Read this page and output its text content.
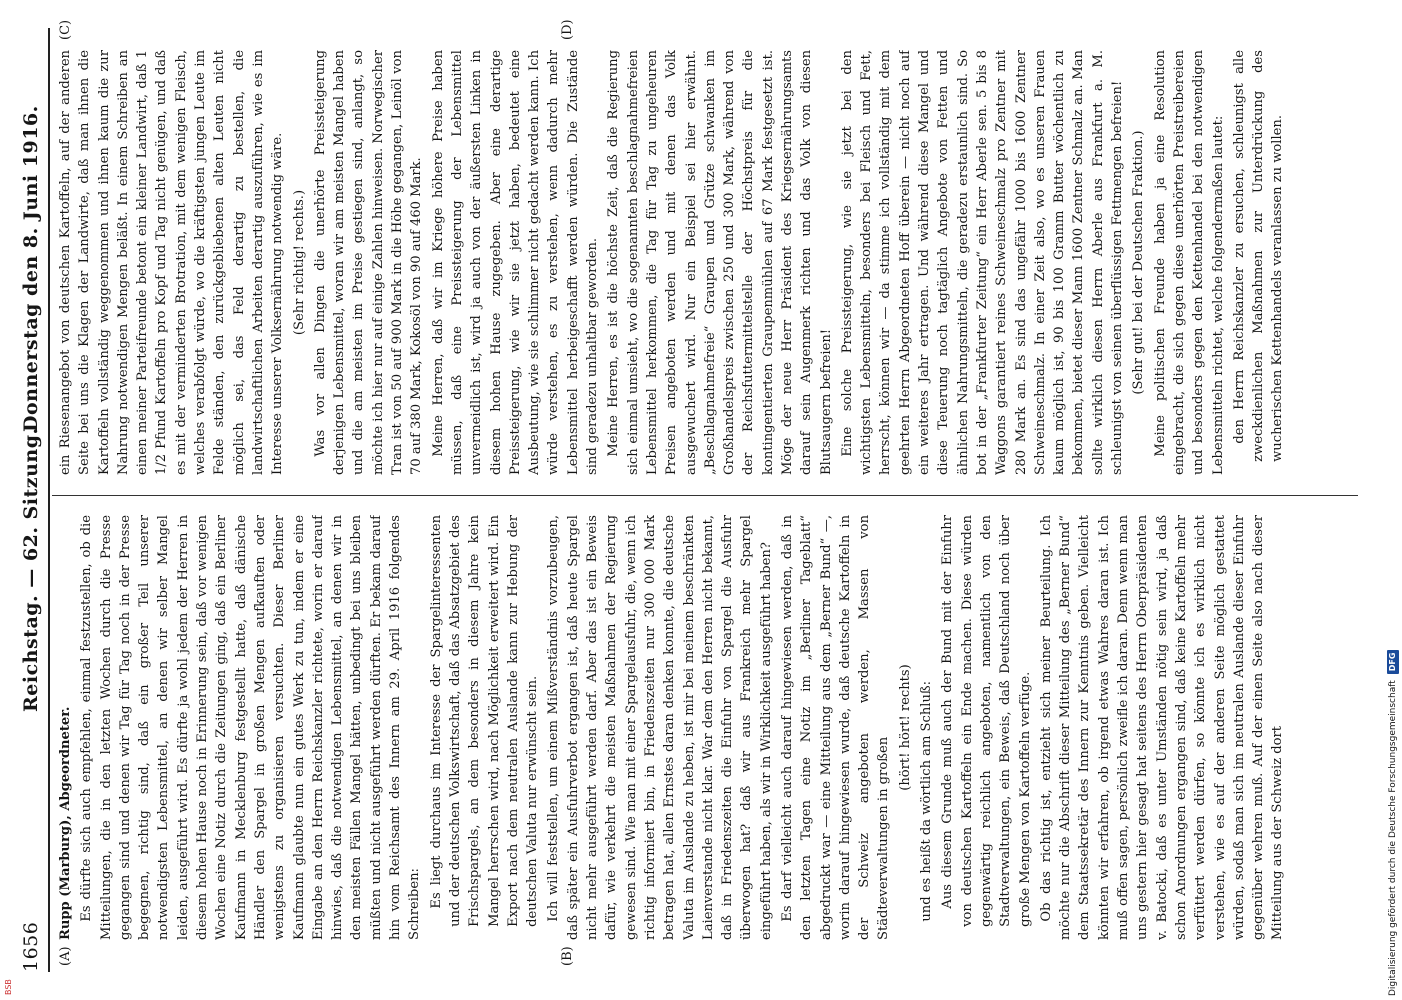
1656
Reichstag. — 62. Sitzung.
Donnerstag den 8. Juni 1916.
(A)	(B)
(C)	(D)

Rupp (Marburg), Abgeordneter. Es dürfte sich auch empfehlen, einmal festzustellen, ob die Mitteilungen, die in den letzten Wochen durch die Presse gegangen sind und denen wir Tag für Tag noch in der Presse begegnen, richtig sind, daß ein großer Teil unserer notwendigsten Lebensmittel, an denen wir selber Mangel leiden, ausgeführt wird. Es dürfte ja wohl jedem der Herren in diesem hohen Hause noch in Erinnerung sein, daß vor wenigen Wochen eine Notiz durch die Zeitungen ging, daß ein Berliner Kaufmann in Mecklenburg festgestellt hatte, daß dänische Händler den Spargel in großen Mengen aufkauften oder wenigstens zu organisieren versuchten. Dieser Berliner Kaufmann glaubte nun ein gutes Werk zu tun, indem er eine Eingabe an den Herrn Reichskanzler richtete, worin er darauf hinwies, daß die notwendigen Lebensmittel, an denen wir in den meisten Fällen Mangel hätten, unbedingt bei uns bleiben müßten und nicht ausgeführt werden dürften. Er bekam darauf hin vom Reichsamt des Innern am 29. April 1916 folgendes Schreiben: Es liegt durchaus im Interesse der Spargelinteressenten und der deutschen Volkswirtschaft, daß das Absatzgebiet des Frischspargels, an dem besonders in diesem Jahre kein Mangel herrschen wird, nach Möglichkeit erweitert wird. Ein Export nach dem neutralen Auslande kann zur Hebung der deutschen Valuta nur erwünscht sein. Ich will feststellen, um einem Mißverständnis vorzubeugen, daß später ein Ausfuhrverbot ergangen ist, daß heute Spargel nicht mehr ausgeführt werden darf. Aber das ist ein Beweis dafür, wie verkehrt die meisten Maßnahmen der Regierung gewesen sind. Wie man mit einer Spargelausfuhr, die, wenn ich richtig informiert bin, in Friedenszeiten nur 300 000 Mark betragen hat, allen Ernstes daran denken konnte, die deutsche Valuta im Auslande zu heben, ist mir bei meinem beschränkten Laienverstande nicht klar. War dem den Herren nicht bekannt, daß in Friedenszeiten die Einfuhr von Spargel die Ausfuhr überwogen hat? daß wir aus Frankreich mehr Spargel eingeführt haben, als wir in Wirklichkeit ausgeführt haben? Es darf vielleicht auch darauf hingewiesen werden, daß in den letzten Tagen eine Notiz im „Berliner Tageblatt“ abgedruckt war — eine Mitteilung aus dem „Berner Bund“ —, worin darauf hingewiesen wurde, daß deutsche Kartoffeln in der Schweiz angeboten werden, Massen von Städteverwaltungen in großen

(hört! hört! rechts) und es heißt da wörtlich am Schluß: Aus diesem Grunde muß auch der Bund mit der Einfuhr von deutschen Kartoffeln ein Ende machen. Diese würden gegenwärtig reichlich angeboten, namentlich von den Stadtverwaltungen, ein Beweis, daß Deutschland noch über große Mengen von Kartoffeln verfüge. Ob das richtig ist, entzieht sich meiner Beurteilung. Ich möchte nur die Abschrift dieser Mitteilung des „Berner Bund“ dem Staatssekretär des Innern zur Kenntnis geben. Vielleicht könnten wir erfahren, ob irgend etwas Wahres daran ist. Ich muß offen sagen, persönlich zweifle ich daran. Denn wenn man uns gestern hier gesagt hat seitens des Herrn Oberpräsidenten v. Batocki, daß es unter Umständen nötig sein wird, ja daß schon Anordnungen ergangen sind, daß keine Kartoffeln mehr verfüttert werden dürfen, so könnte ich es wirklich nicht verstehen, wie es auf der anderen Seite möglich gestattet würden, sodaß man sich im neutralen Auslande dieser Einfuhr gegenüber wehren muß. Auf der einen Seite also nach dieser Mitteilung aus der Schweiz dort

ein Riesenangebot von deutschen Kartoffeln, auf der anderen Seite bei uns die Klagen der Landwirte, daß man ihnen die Kartoffeln vollständig weggenommen und ihnen kaum die zur Nahrung notwendigen Mengen beläßt. In einem Schreiben an einen meiner Parteifreunde betont ein kleiner Landwirt, daß 1 1/2 Pfund Kartoffeln pro Kopf und Tag nicht genügen, und daß es mit der verminderten Brotration, mit dem wenigen Fleisch, welches verabfolgt würde, wo die kräftigsten jungen Leute im Felde ständen, den zurückgebliebenen alten Leuten nicht möglich sei, das Feld derartig zu bestellen, die landwirtschaftlichen Arbeiten derartig auszuführen, wie es im Interesse unserer Volksernährung notwendig wäre. (Sehr richtig! rechts.) Was vor allen Dingen die unerhörte Preissteigerung derjenigen Lebensmittel, woran wir am meisten Mangel haben und die am meisten im Preise gestiegen sind, anlangt, so möchte ich hier nur auf einige Zahlen hinweisen. Norwegischer Tran ist von 50 auf 900 Mark in die Höhe gegangen, Leinöl von 70 auf 380 Mark, Kokosöl von 90 auf 460 Mark. Meine Herren, daß wir im Kriege höhere Preise haben müssen, daß eine Preissteigerung der Lebensmittel unvermeidlich ist, wird ja auch von der äußersten Linken in diesem hohen Hause zugegeben. Aber eine derartige Preissteigerung, wie wir sie jetzt haben, bedeutet eine Ausbeutung, wie sie schlimmer nicht gedacht werden kann. Ich würde verstehen, es zu verstehen, wenn dadurch mehr Lebensmittel herbeigeschafft werden würden. Die Zustände sind geradezu unhaltbar geworden. Meine Herren, es ist die höchste Zeit, daß die Regierung sich einmal umsieht, wo die sogenannten beschlagnahmefreien Lebensmittel herkommen, die Tag für Tag zu ungeheuren Preisen angeboten werden und mit denen das Volk ausgewuchert wird. Nur ein Beispiel sei hier erwähnt. „Beschlagnahmefreie“ Graupen und Grütze schwanken im Großhandelspreis zwischen 250 und 300 Mark, während von der Reichsfuttermittelstelle der Höchstpreis für die kontingentierten Graupenmühlen auf 67 Mark festgesetzt ist. Möge der neue Herr Präsident des Kriegsernährungsamts darauf sein Augenmerk richten und das Volk von diesen Blutsaugern befreien! Eine solche Preissteigerung, wie sie jetzt bei den wichtigsten Lebensmitteln, besonders bei Fleisch und Fett, herrscht, können wir — da stimme ich vollständig mit dem geehrten Herrn Abgeordneten Hoff überein — nicht noch auf ein weiteres Jahr ertragen. Und während diese Mangel und diese Teuerung noch tagtäglich Angebote von Fetten und ähnlichen Nahrungsmitteln, die geradezu erstaunlich sind. So bot in der „Frankfurter Zeitung“ ein Herr Aberle sen. 5 bis 8 Waggons garantiert reines Schweineschmalz pro Zentner mit 280 Mark an. Es sind das ungefähr 1000 bis 1600 Zentner Schweineschmalz. In einer Zeit also, wo es unseren Frauen kaum möglich ist, 90 bis 100 Gramm Butter wöchentlich zu bekommen, bietet dieser Mann 1600 Zentner Schmalz an. Man sollte wirklich diesen Herrn Aberle aus Frankfurt a. M. schleunigst von seinen überflüssigen Fettmengen befreien! (Sehr gut! bei der Deutschen Fraktion.) Meine politischen Freunde haben ja eine Resolution eingebracht, die sich gegen diese unerhörten Preistreibereien und besonders gegen den Kettenhandel bei den notwendigen Lebensmitteln richtet, welche folgendermaßen lautet: den Herrn Reichskanzler zu ersuchen, schleunigst alle zweckdienlichen Maßnahmen zur Unterdrückung des wucherischen Kettenhandels veranlassen zu wollen.

Digitalisierung gefördert durch die Deutsche Forschungsgemeinschaft
DFG
BSB
